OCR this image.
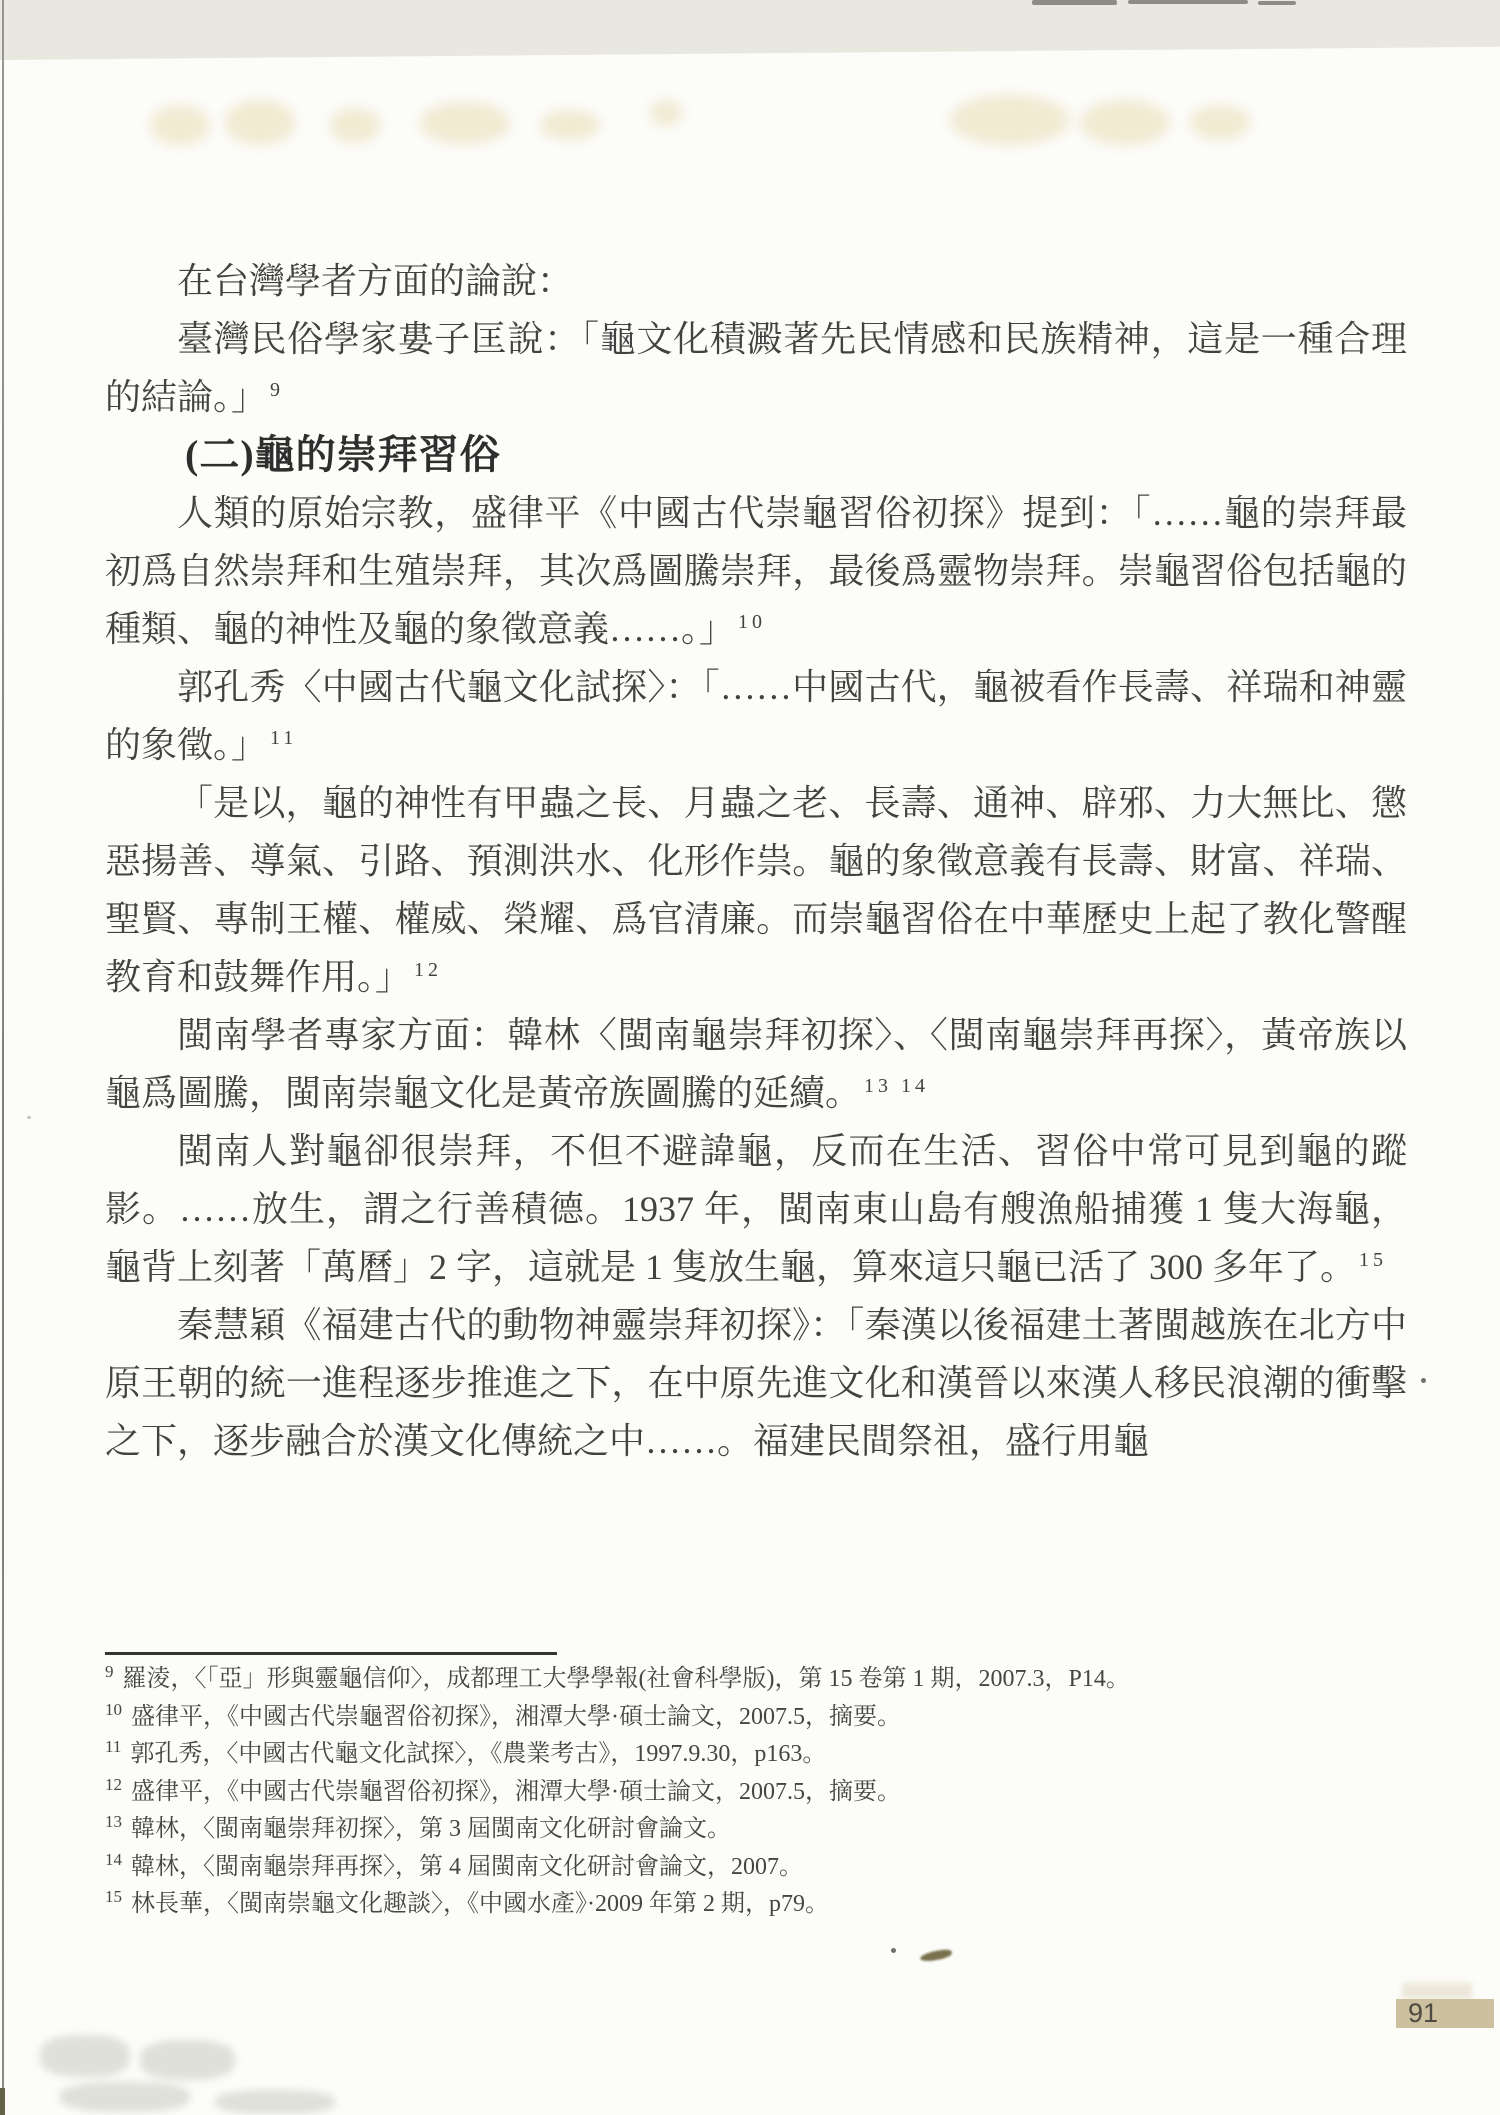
在台灣學者方面的論說：

臺灣民俗學家婁子匡說：「龜文化積澱著先民情感和民族精神，這是一種合理的結論。」 $^9$

(二)龜的崇拜習俗

人類的原始宗教，盛律平《中國古代崇龜習俗初探》提到：「……龜的崇拜最初爲自然崇拜和生殖崇拜，其次爲圖騰崇拜，最後爲靈物崇拜。崇龜習俗包括龜的種類、龜的神性及龜的象徵意義……。」 $^{10}$

郭孔秀〈中國古代龜文化試探〉：「……中國古代，龜被看作長壽、祥瑞和神靈的象徵。」 $^{11}$

「是以，龜的神性有甲蟲之長、月蟲之老、長壽、通神、辟邪、力大無比、懲惡揚善、導氣、引路、預測洪水、化形作祟。龜的象徵意義有長壽、財富、祥瑞、聖賢、專制王權、權威、榮耀、爲官清廉。而崇龜習俗在中華歷史上起了教化警醒教育和鼓舞作用。」 $^{12}$

閩南學者專家方面：韓林〈閩南龜崇拜初探〉、〈閩南龜崇拜再探〉，黃帝族以龜爲圖騰，閩南崇龜文化是黃帝族圖騰的延續。 $^{13 14}$

閩南人對龜卻很崇拜，不但不避諱龜，反而在生活、習俗中常可見到龜的蹤影。……放生，謂之行善積德。1937 年，閩南東山島有艘漁船捕獲 1 隻大海龜，龜背上刻著「萬曆」2 字，這就是 1 隻放生龜，算來這只龜已活了 300 多年了。 $^{15}$

秦慧穎《福建古代的動物神靈崇拜初探》：「秦漢以後福建土著閩越族在北方中原王朝的統一進程逐步推進之下，在中原先進文化和漢晉以來漢人移民浪潮的衝擊之下，逐步融合於漢文化傳統之中……。福建民間祭祖，盛行用龜

$^9$ 羅淩，〈「亞」形與靈龜信仰〉，成都理工大學學報(社會科學版)，第 15 卷第 1 期，2007.3，P14。

$^{10}$ 盛律平，《中國古代崇龜習俗初探》，湘潭大學·碩士論文，2007.5，摘要。

$^{11}$ 郭孔秀，〈中國古代龜文化試探〉，《農業考古》，1997.9.30，p163。

$^{12}$ 盛律平，《中國古代崇龜習俗初探》，湘潭大學·碩士論文，2007.5，摘要。

$^{13}$ 韓林，〈閩南龜崇拜初探〉，第 3 屆閩南文化研討會論文。

$^{14}$ 韓林，〈閩南龜崇拜再探〉，第 4 屆閩南文化研討會論文，2007。

$^{15}$ 林長華，〈閩南崇龜文化趣談〉，《中國水產》·2009 年第 2 期，p79。

91
